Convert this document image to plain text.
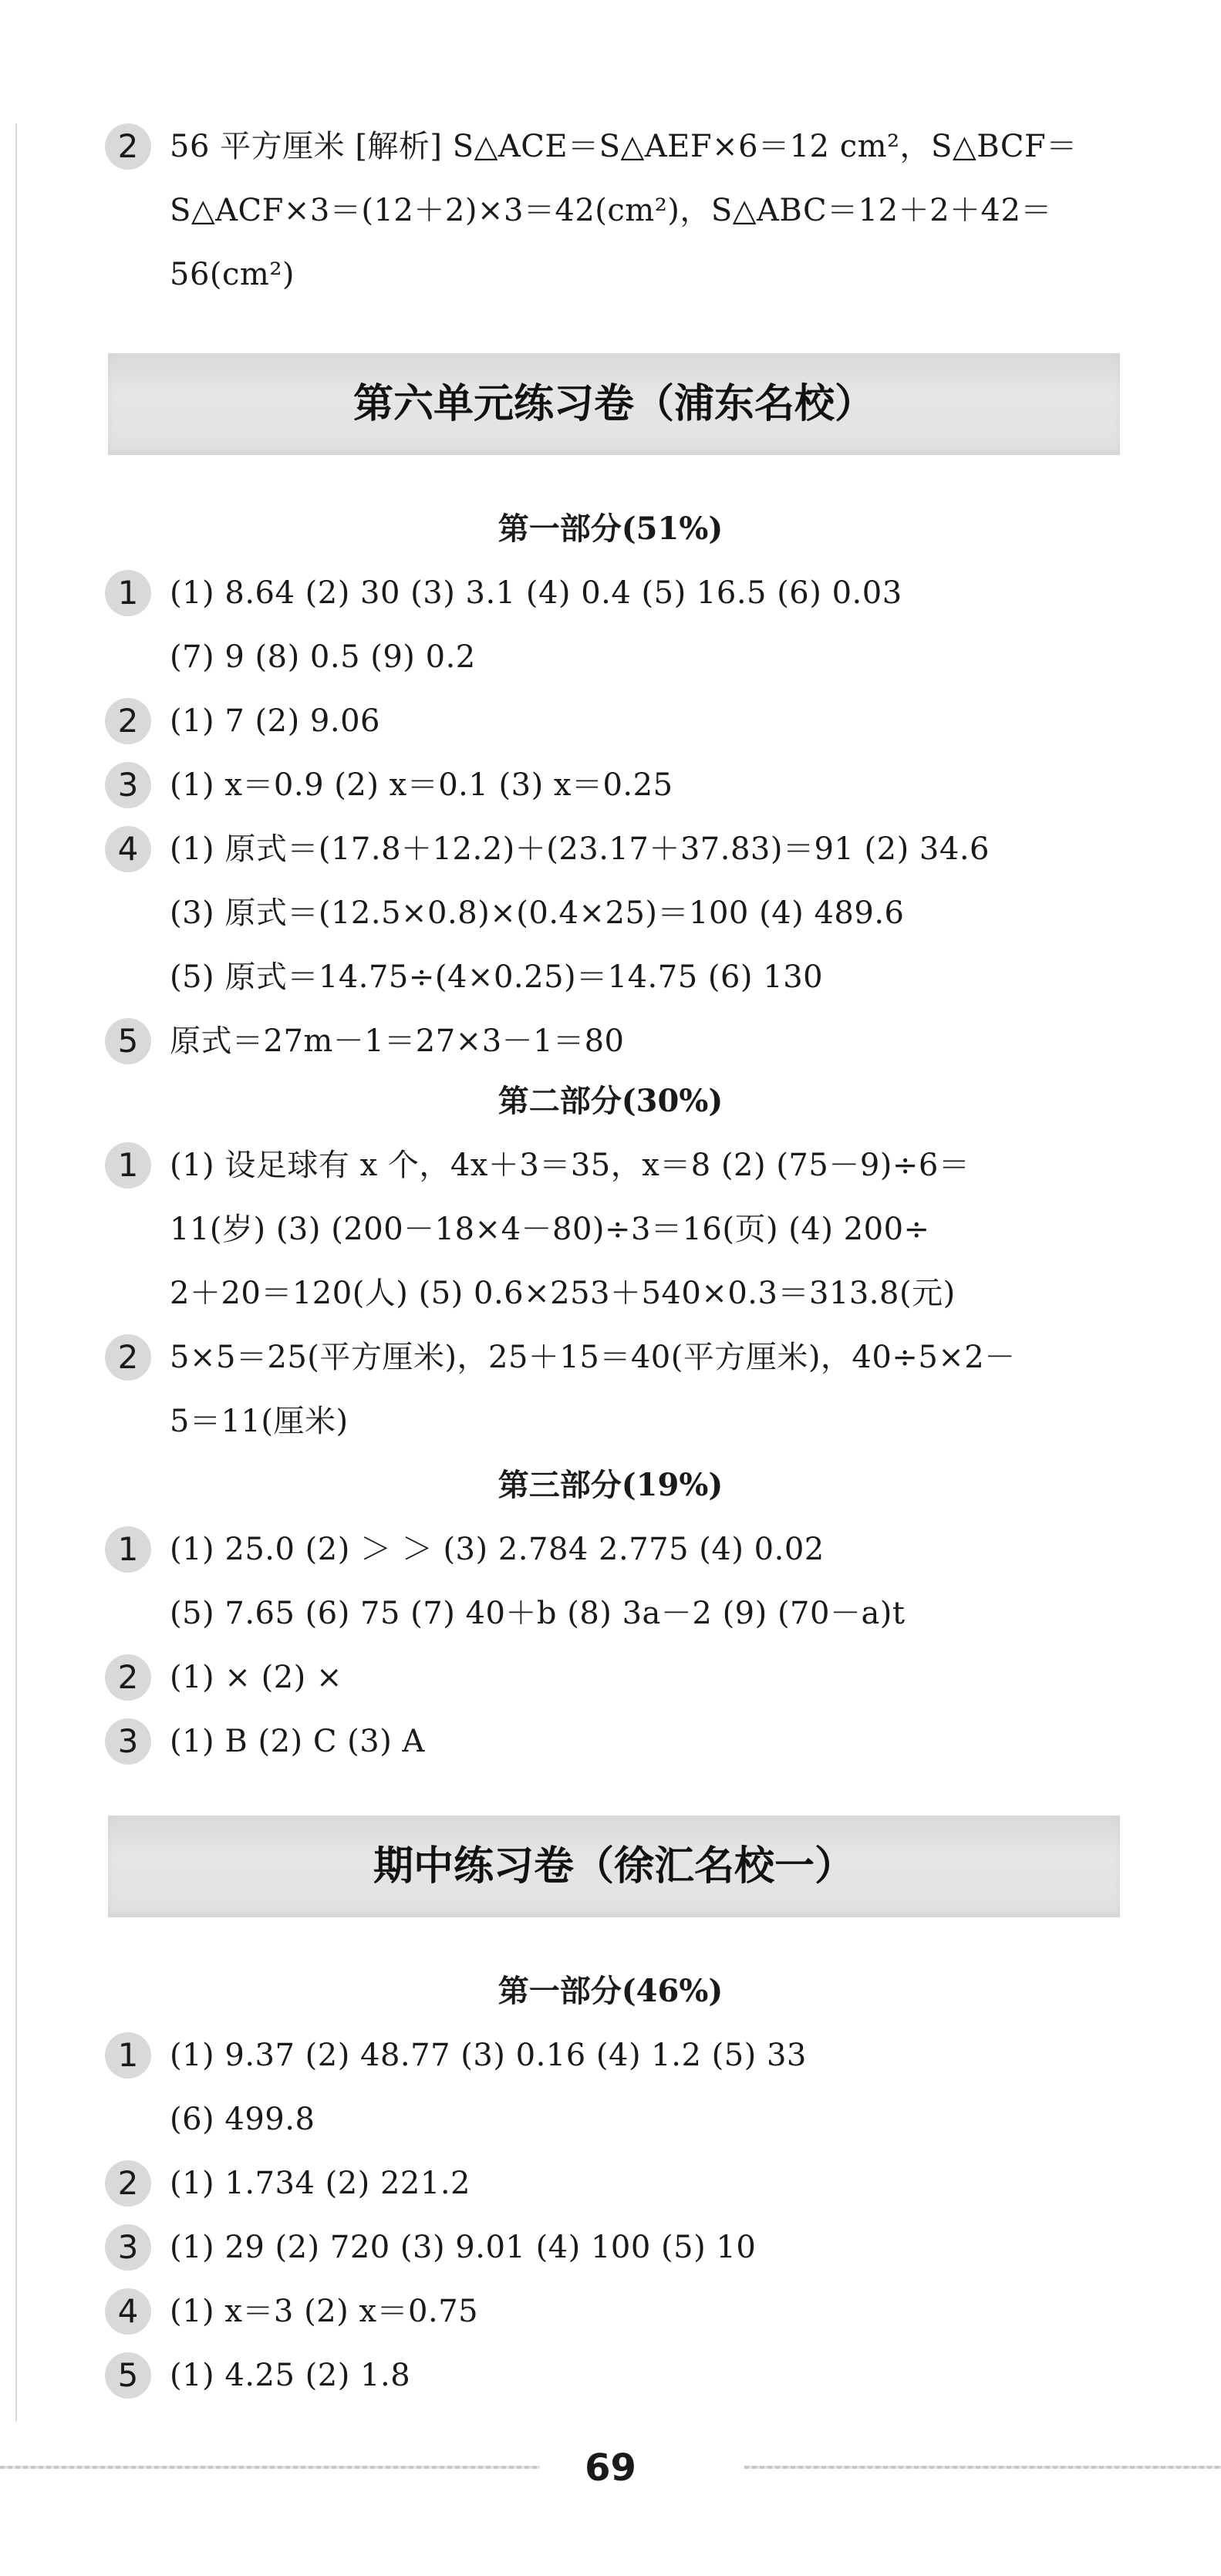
2	56 平方厘米 [解析] S△ACE＝S△AEF×6＝12 cm²，S△BCF＝
S△ACF×3＝(12＋2)×3＝42(cm²)，S△ABC＝12＋2＋42＝
56(cm²)
第六单元练习卷（浦东名校）
第一部分(51%)
1	(1) 8.64 (2) 30 (3) 3.1 (4) 0.4 (5) 16.5 (6) 0.03
(7) 9 (8) 0.5 (9) 0.2
2	(1) 7 (2) 9.06
3	(1) x＝0.9 (2) x＝0.1 (3) x＝0.25
4	(1) 原式＝(17.8＋12.2)＋(23.17＋37.83)＝91 (2) 34.6
(3) 原式＝(12.5×0.8)×(0.4×25)＝100 (4) 489.6
(5) 原式＝14.75÷(4×0.25)＝14.75 (6) 130
5	原式＝27m－1＝27×3－1＝80
第二部分(30%)
1	(1) 设足球有 x 个，4x＋3＝35，x＝8 (2) (75－9)÷6＝
11(岁) (3) (200－18×4－80)÷3＝16(页) (4) 200÷
2＋20＝120(人) (5) 0.6×253＋540×0.3＝313.8(元)
2	5×5＝25(平方厘米)，25＋15＝40(平方厘米)，40÷5×2－
5＝11(厘米)
第三部分(19%)
1	(1) 25.0 (2) ＞ ＞ (3) 2.784 2.775 (4) 0.02
(5) 7.65 (6) 75 (7) 40＋b (8) 3a－2 (9) (70－a)t
2	(1) × (2) ×
3	(1) B (2) C (3) A
期中练习卷（徐汇名校一）
第一部分(46%)
1	(1) 9.37 (2) 48.77 (3) 0.16 (4) 1.2 (5) 33
(6) 499.8
2	(1) 1.734 (2) 221.2
3	(1) 29 (2) 720 (3) 9.01 (4) 100 (5) 10
4	(1) x＝3 (2) x＝0.75
5	(1) 4.25 (2) 1.8
69
